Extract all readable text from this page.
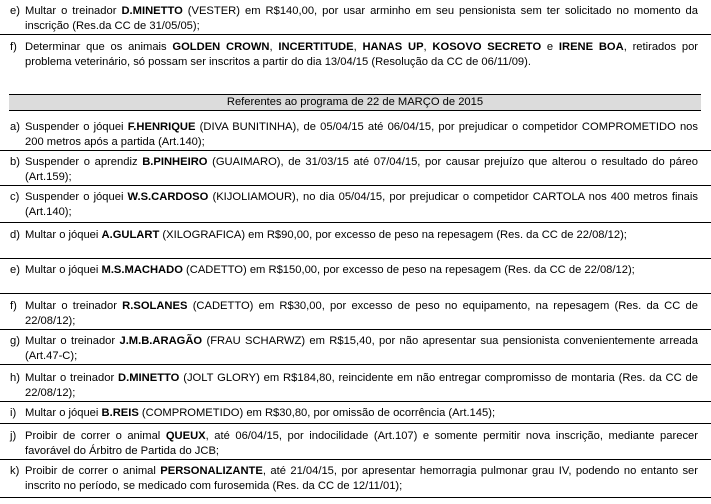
e) Multar o treinador D.MINETTO (VESTER) em R$140,00, por usar arminho em seu pensionista sem ter solicitado no momento da inscrição (Res.da CC de 31/05/05);
f) Determinar que os animais GOLDEN CROWN, INCERTITUDE, HANAS UP, KOSOVO SECRETO e IRENE BOA, retirados por problema veterinário, só possam ser inscritos a partir do dia 13/04/15 (Resolução da CC de 06/11/09).
Referentes ao programa de 22 de MARÇO de 2015
a) Suspender o jóquei F.HENRIQUE (DIVA BUNITINHA), de 05/04/15 até 06/04/15, por prejudicar o competidor COMPROMETIDO nos 200 metros após a partida (Art.140);
b) Suspender o aprendiz B.PINHEIRO (GUAIMARO), de 31/03/15 até 07/04/15, por causar prejuízo que alterou o resultado do páreo (Art.159);
c) Suspender o jóquei W.S.CARDOSO (KIJOLIAMOUR), no dia 05/04/15, por prejudicar o competidor CARTOLA nos 400 metros finais (Art.140);
d) Multar o jóquei A.GULART (XILOGRAFICA) em R$90,00, por excesso de peso na repesagem (Res. da CC de 22/08/12);
e) Multar o jóquei M.S.MACHADO (CADETTO) em R$150,00, por excesso de peso na repesagem (Res. da CC de 22/08/12);
f) Multar o treinador R.SOLANES (CADETTO) em R$30,00, por excesso de peso no equipamento, na repesagem (Res. da CC de 22/08/12);
g) Multar o treinador J.M.B.ARAGÃO (FRAU SCHARWZ) em R$15,40, por não apresentar sua pensionista convenientemente arreada (Art.47-C);
h) Multar o treinador D.MINETTO (JOLT GLORY) em R$184,80, reincidente em não entregar compromisso de montaria (Res. da CC de 22/08/12);
i) Multar o jóquei B.REIS (COMPROMETIDO) em R$30,80, por omissão de ocorrência (Art.145);
j) Proibir de correr o animal QUEUX, até 06/04/15, por indocilidade (Art.107) e somente permitir nova inscrição, mediante parecer favorável do Árbitro de Partida do JCB;
k) Proibir de correr o animal PERSONALIZANTE, até 21/04/15, por apresentar hemorragia pulmonar grau IV, podendo no entanto ser inscrito no período, se medicado com furosemida (Res. da CC de 12/11/01);
